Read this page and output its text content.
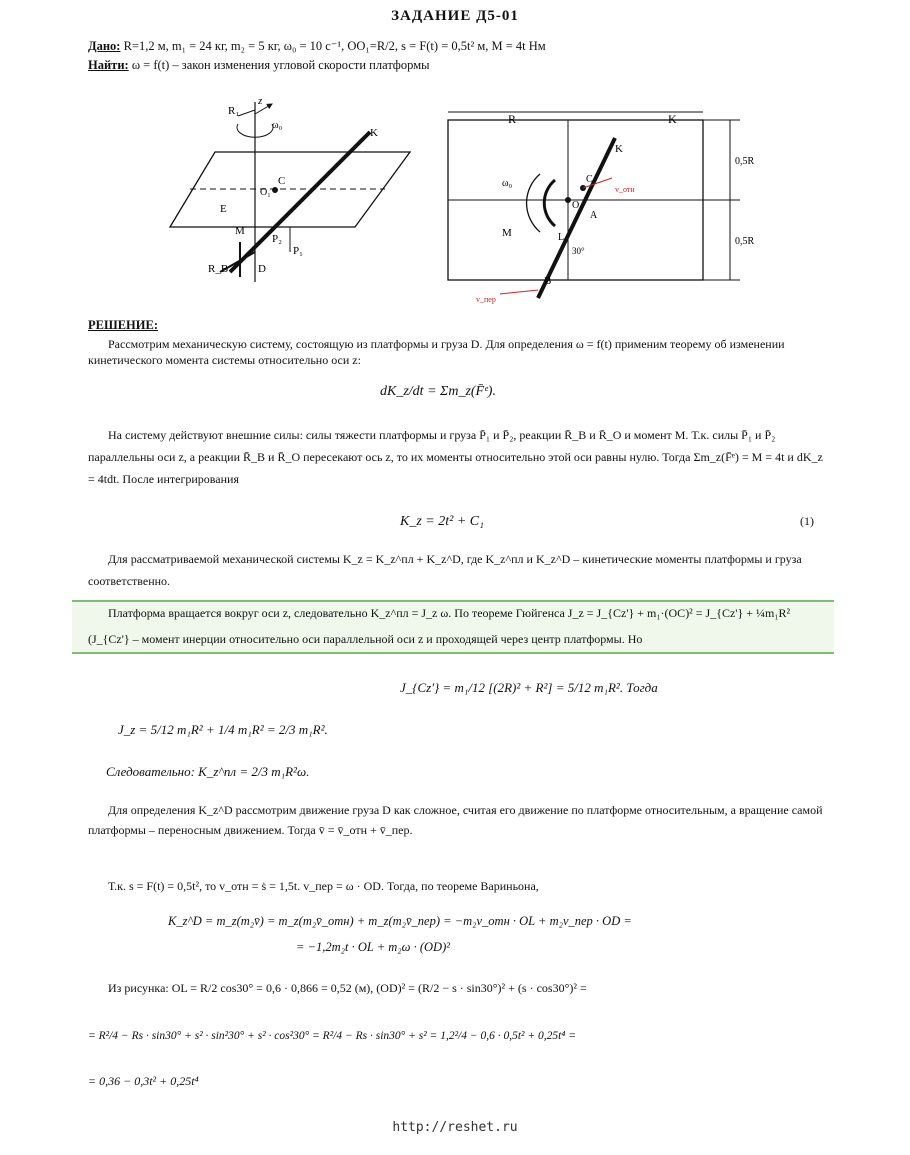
ЗАДАНИЕ Д5-01
Дано: R=1,2 м, m₁ = 24 кг, m₂ = 5 кг, ω₀ = 10 с⁻¹, OO₁=R/2, s = F(t) = 0,5t² м, M = 4t Нм
Найти: ω = f(t) – закон изменения угловой скорости платформы
R₁
z
ω₀
K
C
O₁
E
M
P₁
P₂
R_B	D
R	K
0,5R
0,5R
K
ω₀
M
O
C
A
L
30°
B
v_отн
v_пер
РЕШЕНИЕ:
Рассмотрим механическую систему, состоящую из платформы и груза D. Для определения ω = f(t) применим теорему об изменении кинетического момента системы относительно оси z:
dK_z/dt = Σm_z(F̄ᵉ).
На систему действуют внешние силы: силы тяжести платформы и груза P̄₁ и P̄₂, реакции R̄_B и R̄_O и момент M. Т.к. силы P̄₁ и P̄₂ параллельны оси z, а реакции R̄_B и R̄_O пересекают ось z, то их моменты относительно этой оси равны нулю. Тогда Σm_z(F̄ᵉ) = M = 4t и dK_z = 4tdt. После интегрирования
K_z = 2t² + C₁	(1)
Для рассматриваемой механической системы K_z = K_z^пл + K_z^D, где K_z^пл и K_z^D – кинетические моменты платформы и груза соответственно.
Платформа вращается вокруг оси z, следовательно K_z^пл = J_z ω. По теореме Гюйгенса J_z = J_{Cz'} + m₁·(OC)² = J_{Cz'} + ¼m₁R² (J_{Cz'} – момент инерции относительно оси параллельной оси z и проходящей через центр платформы. Но
J_{Cz'} = m₁/12 [(2R)² + R²] = 5/12 m₁R². Тогда
J_z = 5/12 m₁R² + 1/4 m₁R² = 2/3 m₁R².
Следовательно: K_z^пл = 2/3 m₁R²ω.
Для определения K_z^D рассмотрим движение груза D как сложное, считая его движение по платформе относительным, а вращение самой платформы – переносным движением. Тогда v̄ = v̄_отн + v̄_пер.
Т.к. s = F(t) = 0,5t², то v_отн = ṡ = 1,5t. v_пер = ω · OD. Тогда, по теореме Вариньона,
K_z^D = m_z(m₂v̄) = m_z(m₂v̄_отн) + m_z(m₂v̄_пер) = −m₂v_отн · OL + m₂v_пер · OD =
= −1,2m₂t · OL + m₂ω · (OD)²
Из рисунка: OL = R/2 cos30° = 0,6 · 0,866 = 0,52 (м), (OD)² = (R/2 − s · sin30°)² + (s · cos30°)² =
= R²/4 − Rs · sin30° + s² · sin²30° + s² · cos²30° = R²/4 − Rs · sin30° + s² = 1,2²/4 − 0,6 · 0,5t² + 0,25t⁴ =
= 0,36 − 0,3t² + 0,25t⁴
http://reshet.ru
